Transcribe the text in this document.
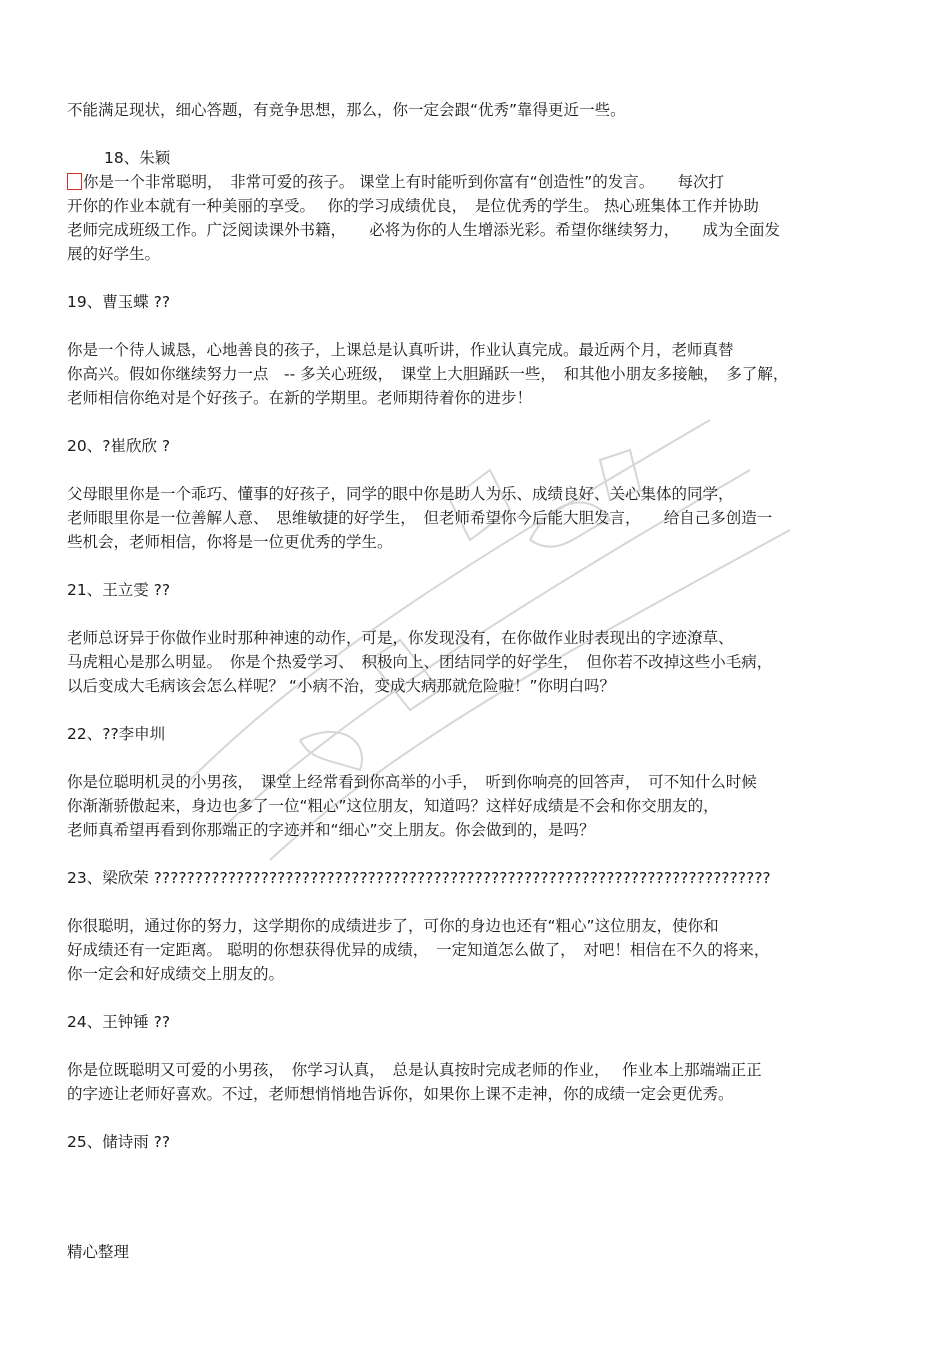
不能满足现状，细心答题，有竞争思想，那么，你一定会跟“优秀”靠得更近一些。
18、朱颖
你是一个非常聪明，　非常可爱的孩子。 课堂上有时能听到你富有“创造性”的发言。　　每次打
开你的作业本就有一种美丽的享受。　 你的学习成绩优良，　是位优秀的学生。 热心班集体工作并协助
老师完成班级工作。广泛阅读课外书籍，　　必将为你的人生增添光彩。希望你继续努力，　　成为全面发
展的好学生。
19、曹玉蝶 ??
你是一个待人诚恳，心地善良的孩子，上课总是认真听讲，作业认真完成。最近两个月，老师真替
你高兴。假如你继续努力一点　-- 多关心班级，　课堂上大胆踊跃一些，　和其他小朋友多接触，　多了解，
老师相信你绝对是个好孩子。在新的学期里。老师期待着你的进步！
20、?崔欣欣 ?
父母眼里你是一个乖巧、懂事的好孩子，同学的眼中你是助人为乐、成绩良好、关心集体的同学，
老师眼里你是一位善解人意、　思维敏捷的好学生，　但老师希望你今后能大胆发言，　　给自己多创造一
些机会，老师相信，你将是一位更优秀的学生。
21、王立雯 ??
老师总讶异于你做作业时那种神速的动作，可是，你发现没有，在你做作业时表现出的字迹潦草、
马虎粗心是那么明显。　你是个热爱学习、　积极向上、团结同学的好学生，　但你若不改掉这些小毛病，
以后变成大毛病该会怎么样呢？ “小病不治，变成大病那就危险啦！”你明白吗？
22、??李申圳
你是位聪明机灵的小男孩，　课堂上经常看到你高举的小手，　听到你响亮的回答声，　可不知什么时候
你渐渐骄傲起来，身边也多了一位“粗心”这位朋友，知道吗？这样好成绩是不会和你交朋友的，
老师真希望再看到你那端正的字迹并和“细心”交上朋友。你会做到的，是吗？
23、梁欣荣 ???????????????????????????????????????????????????????????????????????????
你很聪明，通过你的努力，这学期你的成绩进步了，可你的身边也还有“粗心”这位朋友，使你和
好成绩还有一定距离。 聪明的你想获得优异的成绩，　一定知道怎么做了，　对吧！相信在不久的将来，
你一定会和好成绩交上朋友的。
24、王钟锤 ??
你是位既聪明又可爱的小男孩，　你学习认真，　总是认真按时完成老师的作业，　 作业本上那端端正正
的字迹让老师好喜欢。不过，老师想悄悄地告诉你，如果你上课不走神，你的成绩一定会更优秀。
25、储诗雨 ??
精心整理
